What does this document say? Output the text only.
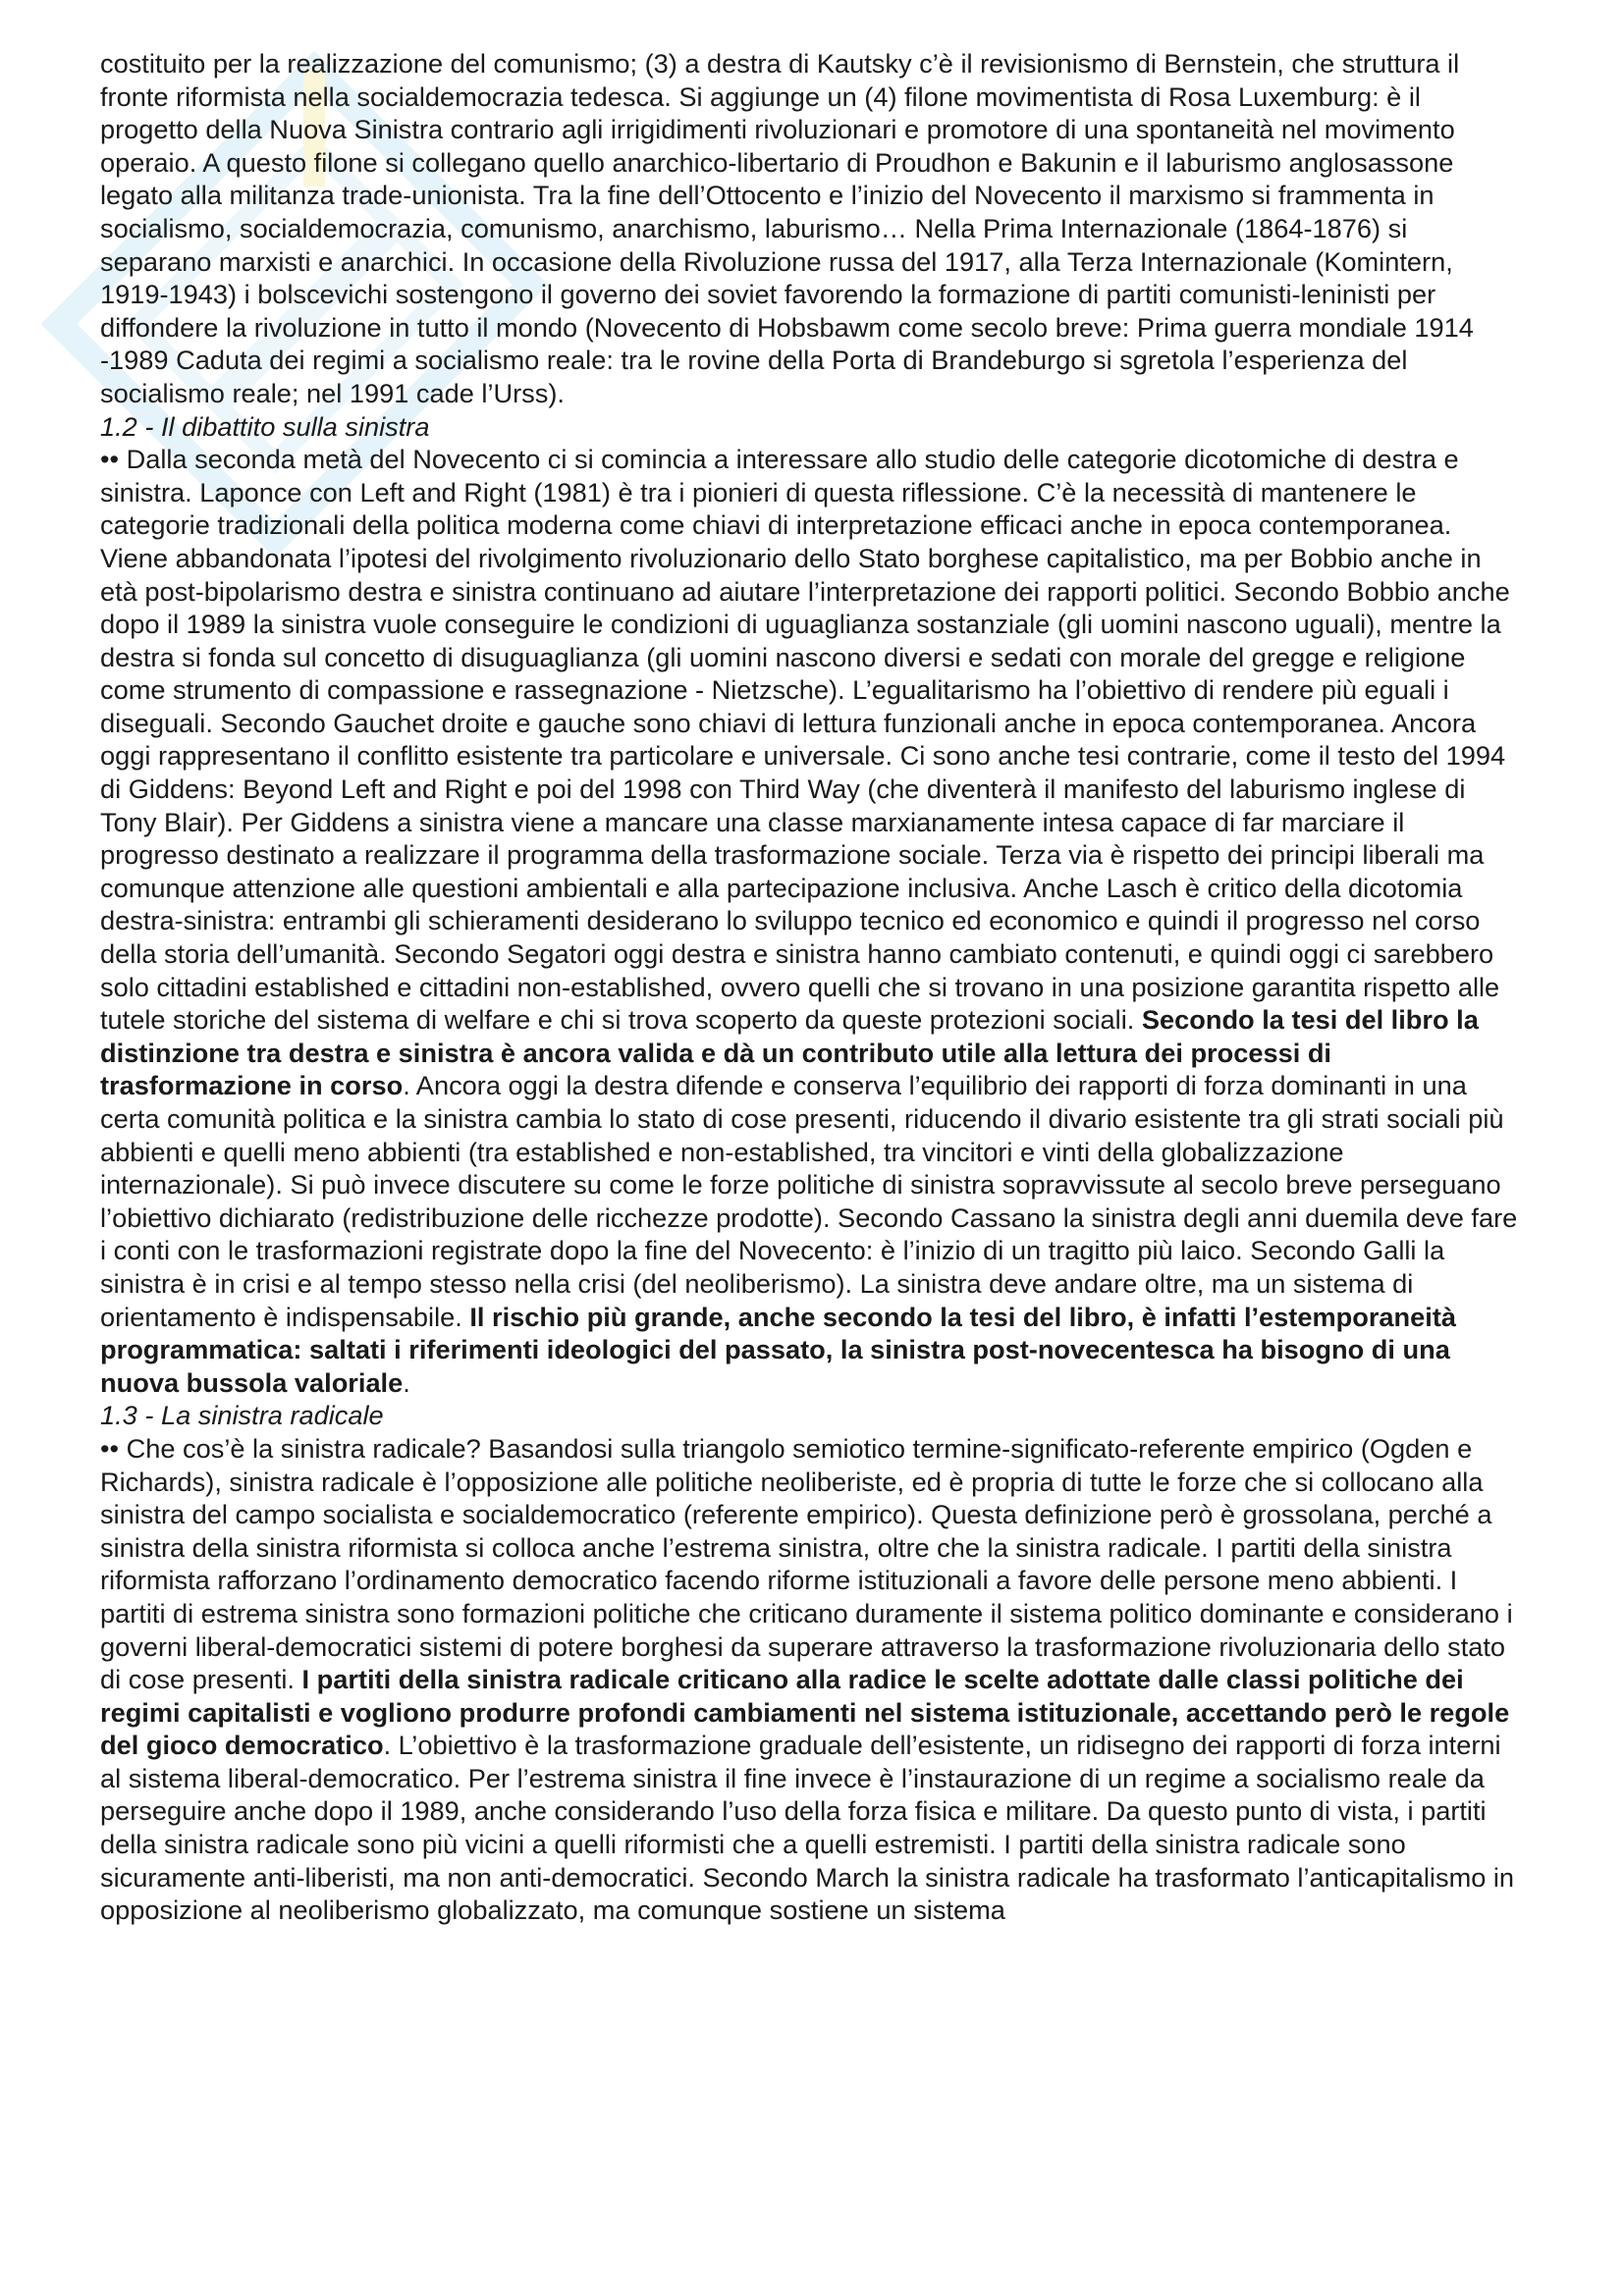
costituito per la realizzazione del comunismo; (3) a destra di Kautsky c’è il revisionismo di Bernstein, che struttura il fronte riformista nella socialdemocrazia tedesca. Si aggiunge un (4) filone movimentista di Rosa Luxemburg: è il progetto della Nuova Sinistra contrario agli irrigidimenti rivoluzionari e promotore di una spontaneità nel movimento operaio. A questo filone si collegano quello anarchico-libertario di Proudhon e Bakunin e il laburismo anglosassone legato alla militanza trade-unionista. Tra la fine dell’Ottocento e l’inizio del Novecento il marxismo si frammenta in socialismo, socialdemocrazia, comunismo, anarchismo, laburismo… Nella Prima Internazionale (1864-1876) si separano marxisti e anarchici. In occasione della Rivoluzione russa del 1917, alla Terza Internazionale (Komintern, 1919-1943) i bolscevichi sostengono il governo dei soviet favorendo la formazione di partiti comunisti-leninisti per diffondere la rivoluzione in tutto il mondo (Novecento di Hobsbawm come secolo breve: Prima guerra mondiale 1914 -1989 Caduta dei regimi a socialismo reale: tra le rovine della Porta di Brandeburgo si sgretola l’esperienza del socialismo reale; nel 1991 cade l’Urss).

1.2 - Il dibattito sulla sinistra

•• Dalla seconda metà del Novecento ci si comincia a interessare allo studio delle categorie dicotomiche di destra e sinistra. Laponce con Left and Right (1981) è tra i pionieri di questa riflessione. C’è la necessità di mantenere le categorie tradizionali della politica moderna come chiavi di interpretazione efficaci anche in epoca contemporanea. Viene abbandonata l’ipotesi del rivolgimento rivoluzionario dello Stato borghese capitalistico, ma per Bobbio anche in età post-bipolarismo destra e sinistra continuano ad aiutare l’interpretazione dei rapporti politici. Secondo Bobbio anche dopo il 1989 la sinistra vuole conseguire le condizioni di uguaglianza sostanziale (gli uomini nascono uguali), mentre la destra si fonda sul concetto di disuguaglianza (gli uomini nascono diversi e sedati con morale del gregge e religione come strumento di compassione e rassegnazione - Nietzsche). L’egualitarismo ha l’obiettivo di rendere più eguali i diseguali. Secondo Gauchet droite e gauche sono chiavi di lettura funzionali anche in epoca contemporanea. Ancora oggi rappresentano il conflitto esistente tra particolare e universale. Ci sono anche tesi contrarie, come il testo del 1994 di Giddens: Beyond Left and Right e poi del 1998 con Third Way (che diventerà il manifesto del laburismo inglese di Tony Blair). Per Giddens a sinistra viene a mancare una classe marxianamente intesa capace di far marciare il progresso destinato a realizzare il programma della trasformazione sociale. Terza via è rispetto dei principi liberali ma comunque attenzione alle questioni ambientali e alla partecipazione inclusiva. Anche Lasch è critico della dicotomia destra-sinistra: entrambi gli schieramenti desiderano lo sviluppo tecnico ed economico e quindi il progresso nel corso della storia dell’umanità. Secondo Segatori oggi destra e sinistra hanno cambiato contenuti, e quindi oggi ci sarebbero solo cittadini established e cittadini non-established, ovvero quelli che si trovano in una posizione garantita rispetto alle tutele storiche del sistema di welfare e chi si trova scoperto da queste protezioni sociali. Secondo la tesi del libro la distinzione tra destra e sinistra è ancora valida e dà un contributo utile alla lettura dei processi di trasformazione in corso. Ancora oggi la destra difende e conserva l’equilibrio dei rapporti di forza dominanti in una certa comunità politica e la sinistra cambia lo stato di cose presenti, riducendo il divario esistente tra gli strati sociali più abbienti e quelli meno abbienti (tra established e non-established, tra vincitori e vinti della globalizzazione internazionale). Si può invece discutere su come le forze politiche di sinistra sopravvissute al secolo breve perseguano l’obiettivo dichiarato (redistribuzione delle ricchezze prodotte). Secondo Cassano la sinistra degli anni duemila deve fare i conti con le trasformazioni registrate dopo la fine del Novecento: è l’inizio di un tragitto più laico. Secondo Galli la sinistra è in crisi e al tempo stesso nella crisi (del neoliberismo). La sinistra deve andare oltre, ma un sistema di orientamento è indispensabile. Il rischio più grande, anche secondo la tesi del libro, è infatti l’estemporaneità programmatica: saltati i riferimenti ideologici del passato, la sinistra post-novecentesca ha bisogno di una nuova bussola valoriale.

1.3 - La sinistra radicale

•• Che cos’è la sinistra radicale? Basandosi sulla triangolo semiotico termine-significato-referente empirico (Ogden e Richards), sinistra radicale è l’opposizione alle politiche neoliberiste, ed è propria di tutte le forze che si collocano alla sinistra del campo socialista e socialdemocratico (referente empirico). Questa definizione però è grossolana, perché a sinistra della sinistra riformista si colloca anche l’estrema sinistra, oltre che la sinistra radicale. I partiti della sinistra riformista rafforzano l’ordinamento democratico facendo riforme istituzionali a favore delle persone meno abbienti. I partiti di estrema sinistra sono formazioni politiche che criticano duramente il sistema politico dominante e considerano i governi liberal-democratici sistemi di potere borghesi da superare attraverso la trasformazione rivoluzionaria dello stato di cose presenti. I partiti della sinistra radicale criticano alla radice le scelte adottate dalle classi politiche dei regimi capitalisti e vogliono produrre profondi cambiamenti nel sistema istituzionale, accettando però le regole del gioco democratico. L’obiettivo è la trasformazione graduale dell’esistente, un ridisegno dei rapporti di forza interni al sistema liberal-democratico. Per l’estrema sinistra il fine invece è l’instaurazione di un regime a socialismo reale da perseguire anche dopo il 1989, anche considerando l’uso della forza fisica e militare. Da questo punto di vista, i partiti della sinistra radicale sono più vicini a quelli riformisti che a quelli estremisti. I partiti della sinistra radicale sono sicuramente anti-liberisti, ma non anti-democratici. Secondo March la sinistra radicale ha trasformato l’anticapitalismo in opposizione al neoliberismo globalizzato, ma comunque sostiene un sistema
